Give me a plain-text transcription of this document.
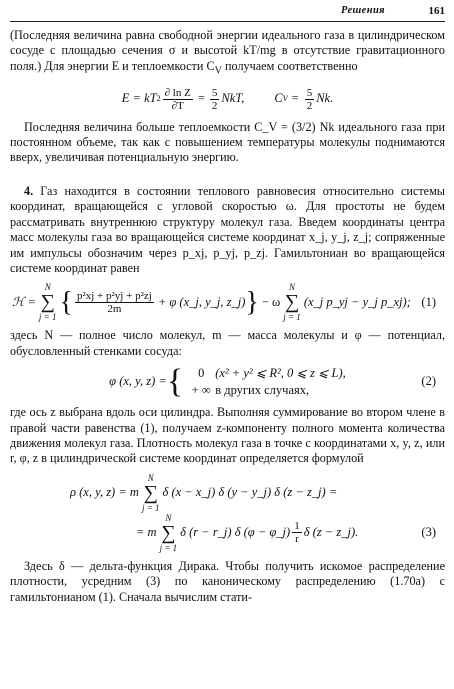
Решения	161

(Последняя величина равна свободной энергии идеального газа в цилиндрическом сосуде с площадью сечения σ и высотой kT/mg в отсутствие гравитационного поля.) Для энергии E и теплоемкости $C_V$ получаем соответственно

E = kT $2 \frac{\text{∂ ln Z}}{\partial T} = \frac{5}{2}$ NkT, C $V = \frac{5}{2} Nk$.

Последняя величина больше теплоемкости C_V = (3/2) Nk идеального газа при постоянном объеме, так как с повышением температуры молекулы поднимаются вверх, увеличивая потенциальную энергию.

4. Газ находится в состоянии теплового равновесия относительно системы координат, вращающейся с угловой скоростью ω. Для простоты не будем рассматривать внутреннюю структуру молекул газа. Введем координаты центра масс молекулы газа во вращающейся системе координат x_j, y_j, z_j; сопряженные им импульсы обозначим через p_xj, p_yj, p_zj. Гамильтониан во вращающейся системе координат равен

ℋ =
N
∑
j = 1 { $\frac{\text{p²xj + p²yj + p²zj}}{2m} + \varphi$ (x_j, y_j, z_j) } − ω
N
∑
j = 1
(x_j p_yj − y_j p_xj); (1)

здесь N — полное число молекул, m — масса молекулы и φ — потенциал, обусловленный стенками сосуда:

φ (x, y, z) = {	0 (x² + y² ⩽ R², 0 ⩽ z ⩽ L),
+ ∞ в других случаях,
(2)

где ось z выбрана вдоль оси цилиндра. Выполняя суммирование во втором члене в правой части равенства (1), получаем z-компоненту полного момента количества движения молекул газа. Плотность молекул газа в точке с координатами x, y, z, или r, φ, z в цилиндрической системе координат определяется формулой

ρ (x, y, z) = m
N
∑
j = 1
δ (x − x_j) δ (y − y_j) δ (z − z_j) =
= m
N
∑
j = 1
δ (r − r_j) δ (φ − φ_j) $\frac{1}{r}$ δ (z − z_j).	(3)

Здесь δ — дельта-функция Дирака. Чтобы получить искомое распределение плотности, усредним (3) по каноническому распределению (1.70а) с гамильтонианом (1). Сначала вычислим стати-
